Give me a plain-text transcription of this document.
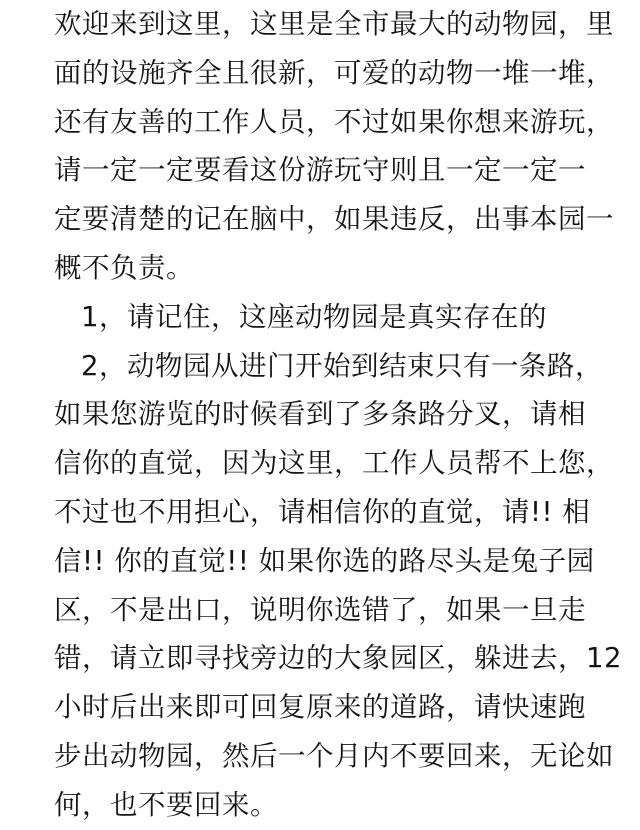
欢迎来到这里，这里是全市最大的动物园，里
面的设施齐全且很新，可爱的动物一堆一堆，
还有友善的工作人员，不过如果你想来游玩，
请一定一定要看这份游玩守则且一定一定一
定要清楚的记在脑中，如果违反，出事本园一
概不负责。
1，请记住，这座动物园是真实存在的
2，动物园从进门开始到结束只有一条路，
如果您游览的时候看到了多条路分叉，请相
信你的直觉，因为这里，工作人员帮不上您，
不过也不用担心，请相信你的直觉，请!! 相
信!! 你的直觉!! 如果你选的路尽头是兔子园
区，不是出口，说明你选错了，如果一旦走
错，请立即寻找旁边的大象园区，躲进去，12
小时后出来即可回复原来的道路，请快速跑
步出动物园，然后一个月内不要回来，无论如
何，也不要回来。
